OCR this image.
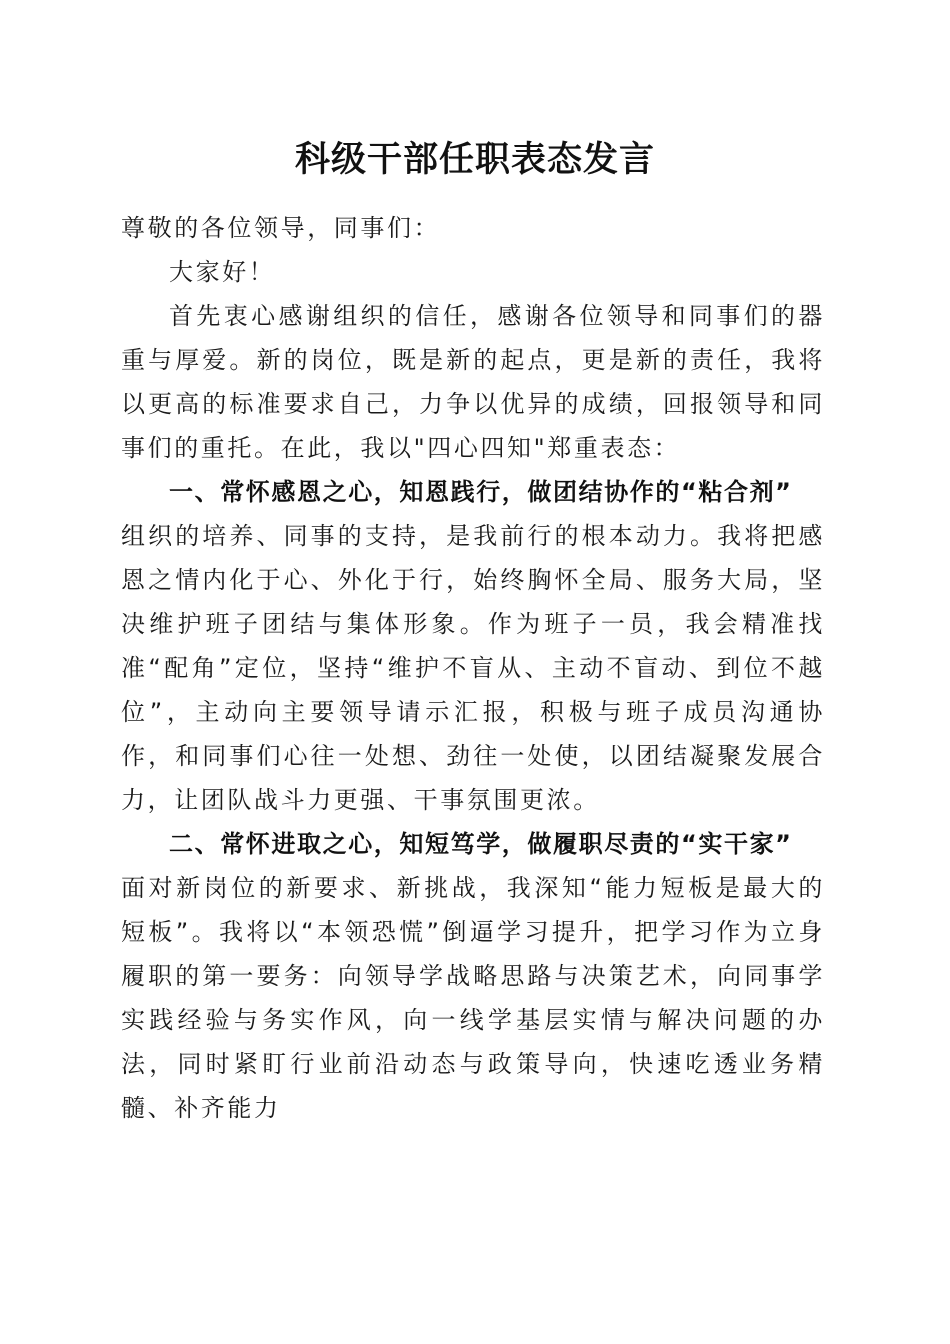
科级干部任职表态发言

尊敬的各位领导，同事们：

大家好！

首先衷心感谢组织的信任，感谢各位领导和同事们的器重与厚爱。新的岗位，既是新的起点，更是新的责任，我将以更高的标准要求自己，力争以优异的成绩，回报领导和同事们的重托。在此，我以"四心四知"郑重表态：

一、常怀感恩之心，知恩践行，做团结协作的“粘合剂”

组织的培养、同事的支持，是我前行的根本动力。我将把感恩之情内化于心、外化于行，始终胸怀全局、服务大局，坚决维护班子团结与集体形象。作为班子一员，我会精准找准“配角”定位，坚持“维护不盲从、主动不盲动、到位不越位”，主动向主要领导请示汇报，积极与班子成员沟通协作，和同事们心往一处想、劲往一处使，以团结凝聚发展合力，让团队战斗力更强、干事氛围更浓。

二、常怀进取之心，知短笃学，做履职尽责的“实干家”

面对新岗位的新要求、新挑战，我深知“能力短板是最大的短板”。我将以“本领恐慌”倒逼学习提升，把学习作为立身履职的第一要务：向领导学战略思路与决策艺术，向同事学实践经验与务实作风，向一线学基层实情与解决问题的办法，同时紧盯行业前沿动态与政策导向，快速吃透业务精髓、补齐能力
